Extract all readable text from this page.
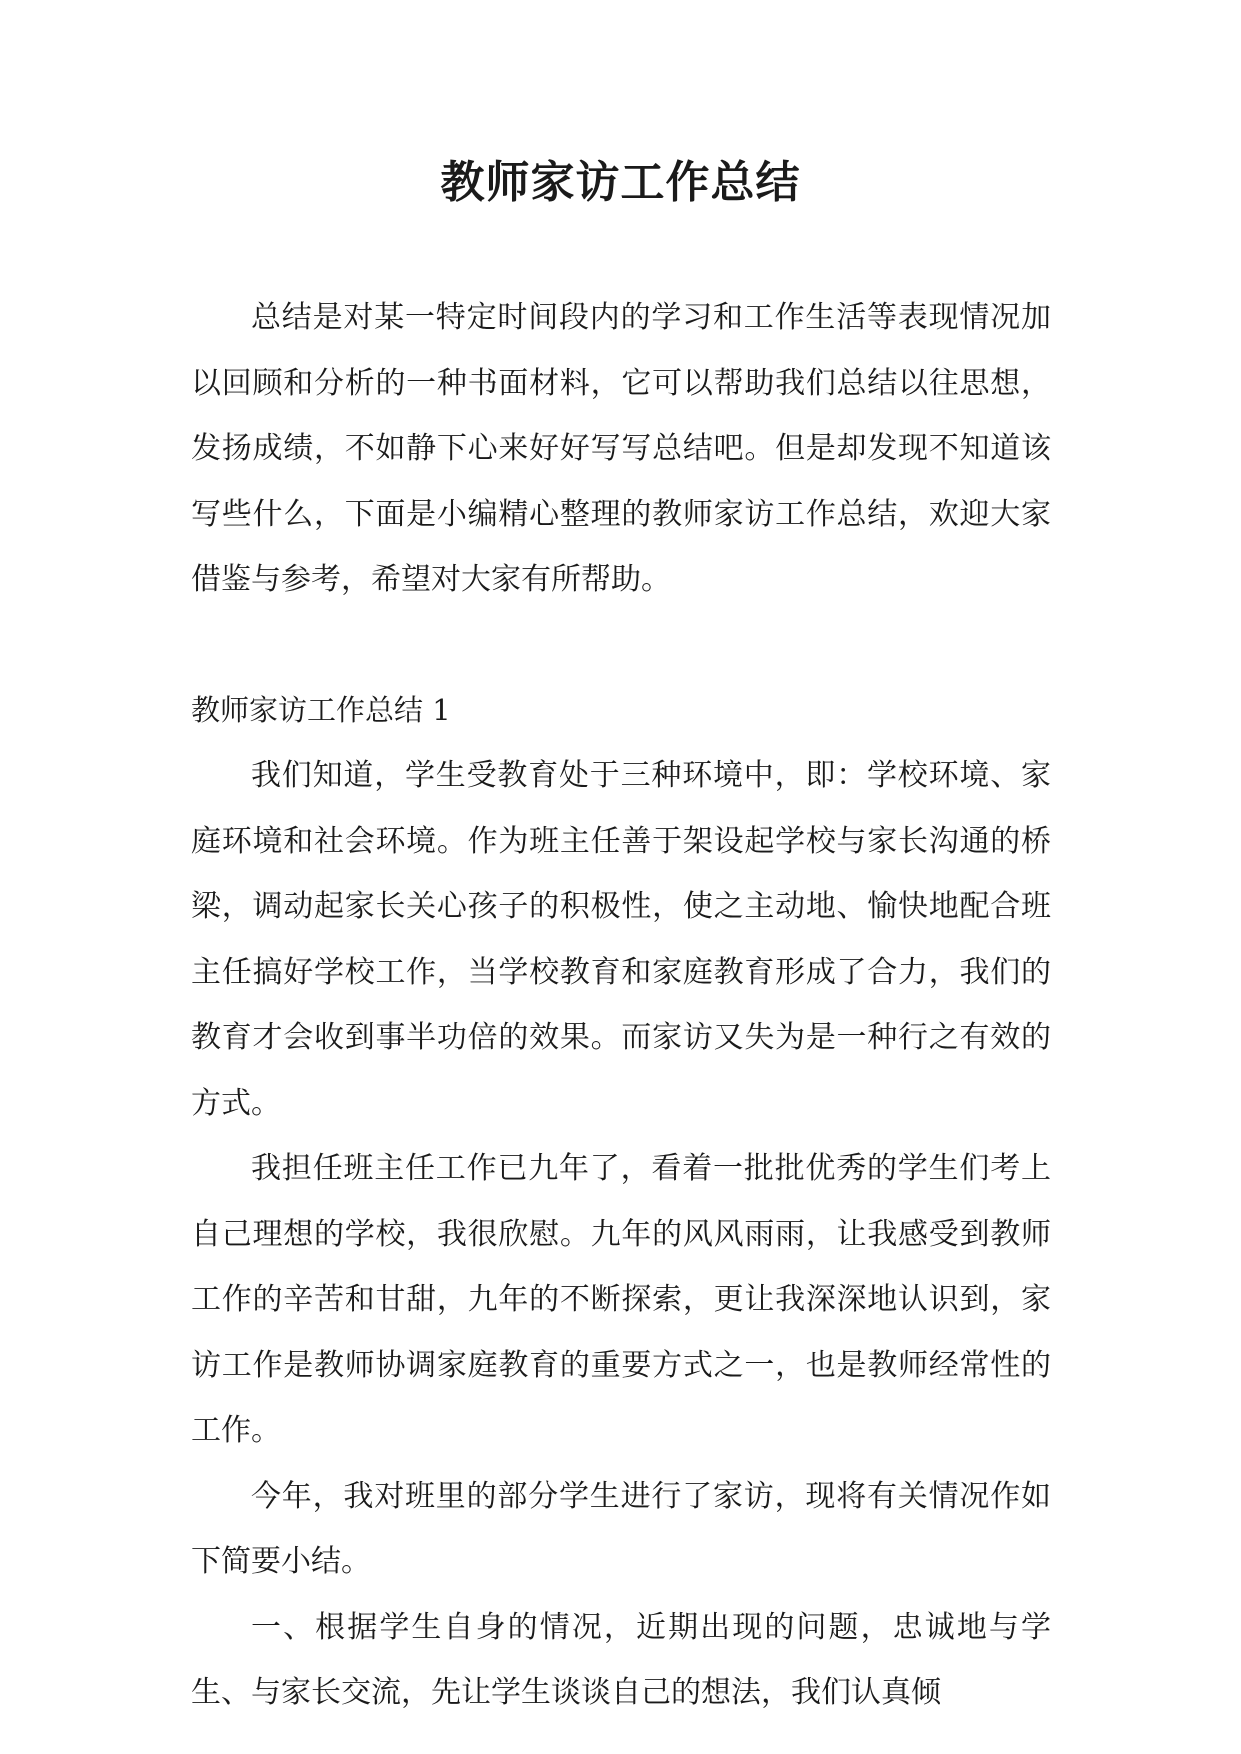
教师家访工作总结

总结是对某一特定时间段内的学习和工作生活等表现情况加以回顾和分析的一种书面材料，它可以帮助我们总结以往思想，发扬成绩，不如静下心来好好写写总结吧。但是却发现不知道该写些什么，下面是小编精心整理的教师家访工作总结，欢迎大家借鉴与参考，希望对大家有所帮助。

教师家访工作总结 1

我们知道，学生受教育处于三种环境中，即：学校环境、家庭环境和社会环境。作为班主任善于架设起学校与家长沟通的桥梁，调动起家长关心孩子的积极性，使之主动地、愉快地配合班主任搞好学校工作，当学校教育和家庭教育形成了合力，我们的教育才会收到事半功倍的效果。而家访又失为是一种行之有效的方式。

我担任班主任工作已九年了，看着一批批优秀的学生们考上自己理想的学校，我很欣慰。九年的风风雨雨，让我感受到教师工作的辛苦和甘甜，九年的不断探索，更让我深深地认识到，家访工作是教师协调家庭教育的重要方式之一，也是教师经常性的工作。

今年，我对班里的部分学生进行了家访，现将有关情况作如下简要小结。

一、根据学生自身的情况，近期出现的问题，忠诚地与学生、与家长交流，先让学生谈谈自己的想法，我们认真倾
